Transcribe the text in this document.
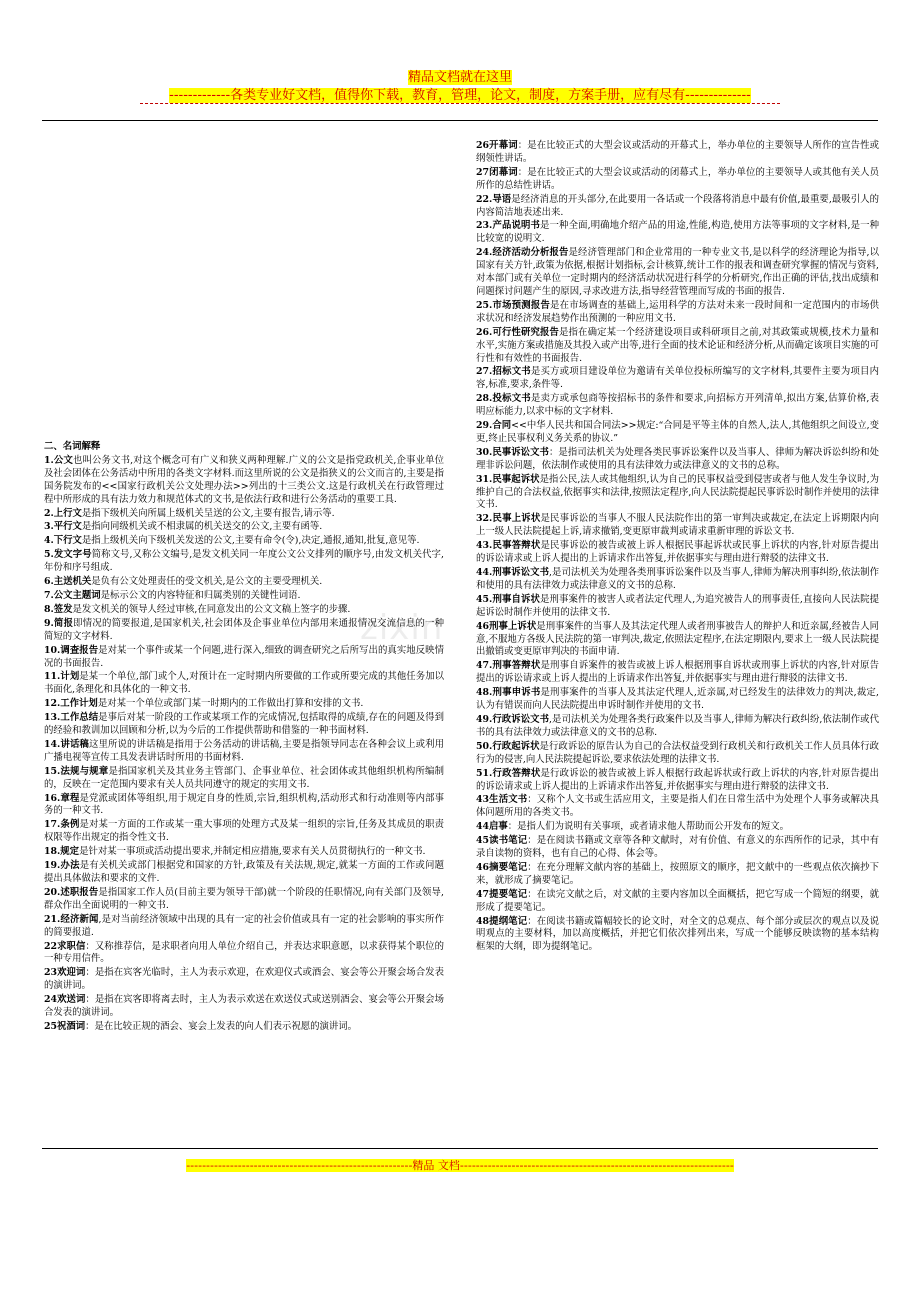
精品文档就在这里
-------------各类专业好文档，值得你下载，教育，管理，论文，制度，方案手册，应有尽有--------------
zixin

二、名词解释

1.公文也叫公务文书,对这个概念可有广义和狭义两种理解.广义的公文是指党政机关,企事业单位及社会团体在公务活动中所用的各类文字材料.而这里所说的公文是指狭义的公文而言的,主要是指国务院发布的<<国家行政机关公文处理办法>>列出的十三类公文.这是行政机关在行政管理过程中所形成的具有法力效力和规范体式的文书,是依法行政和进行公务活动的重要工具.

2.上行文是指下级机关向所属上级机关呈送的公文,主要有报告,请示等.

3.平行文是指向同级机关或不相隶属的机关送交的公文,主要有函等.

4.下行文是指上级机关向下级机关发送的公文,主要有命令(令),决定,通报,通知,批复,意见等.

5.发文字号简称文号,又称公文编号,是发文机关同一年度公文公文排列的顺序号,由发文机关代字,年份和序号组成.

6.主送机关是负有公文处理责任的受文机关,是公文的主要受理机关.

7.公文主题词是标示公文的内容特征和归属类别的关键性词语.

8.签发是发文机关的领导人经过审核,在同意发出的公文文稿上签字的步骤.

9.简报即情况的简要报道,是国家机关,社会团体及企事业单位内部用来通报情况交流信息的一种简短的文字材料.

10.调查报告是对某一个事件或某一个问题,进行深入,细致的调查研究之后所写出的真实地反映情况的书面报告.

11.计划是某一个单位,部门或个人,对预计在一定时期内所要做的工作或所要完成的其他任务加以书面化,条理化和具体化的一种文书.

12.工作计划是对某一个单位或部门某一时期内的工作做出打算和安排的文书.

13.工作总结是事后对某一阶段的工作或某项工作的完成情况,包括取得的成绩,存在的问题及得到的经验和教训加以回顾和分析,以为今后的工作提供帮助和借鉴的一种书面材料.

14.讲话稿这里所说的讲话稿是指用于公务活动的讲话稿,主要是指领导同志在各种会议上或利用广播电视等宣传工具发表讲话时所用的书面材料.

15.法规与规章是指国家机关及其业务主管部门、企事业单位、社会团体或其他组织机构所编制的，反映在一定范围内要求有关人员共同遵守的规定的实用文书.

16.章程是党派或团体等组织,用于规定自身的性质,宗旨,组织机构,活动形式和行动准则等内部事务的一种文书.

17.条例是对某一方面的工作或某一重大事项的处理方式及某一组织的宗旨,任务及其成员的职责权限等作出规定的指令性文书.

18.规定是针对某一事项或活动提出要求,并制定相应措施,要求有关人员贯彻执行的一种文书.

19.办法是有关机关或部门根据党和国家的方针,政策及有关法规,规定,就某一方面的工作或问题提出具体做法和要求的文件.

20.述职报告是指国家工作人员(目前主要为领导干部)就一个阶段的任职情况,向有关部门及领导,群众作出全面说明的一种文书.

21.经济新闻,是对当前经济领域中出现的具有一定的社会价值或具有一定的社会影响的事实所作的简要报道.

22求职信：又称推荐信，是求职者向用人单位介绍自己，并表达求职意愿，以求获得某个职位的一种专用信件。

23欢迎词：是指在宾客光临时，主人为表示欢迎，在欢迎仪式或酒会、宴会等公开聚会场合发表的演讲词。

24欢送词：是指在宾客即将离去时，主人为表示欢送在欢送仪式或送别酒会、宴会等公开聚会场合发表的演讲词。

25祝酒词：是在比较正规的酒会、宴会上发表的向人们表示祝愿的演讲词。

26开幕词：是在比较正式的大型会议或活动的开幕式上，举办单位的主要领导人所作的宣告性或纲领性讲话。

27闭幕词：是在比较正式的大型会议或活动的闭幕式上，举办单位的主要领导人或其他有关人员所作的总结性讲话。

22.导语是经济消息的开头部分,在此要用一各话或一个段落将消息中最有价值,最重要,最吸引人的内容简洁地表述出来.

23.产品说明书是一种全面,明确地介绍产品的用途,性能,构造,使用方法等事项的文字材料,是一种比较宽的说明文.

24.经济活动分析报告是经济管理部门和企业常用的一种专业文书,是以科学的经济理论为指导,以国家有关方针,政策为依据,根据计划指标,会计核算,统计工作的报表和调查研究掌握的情况与资料,对本部门或有关单位一定时期内的经济活动状况进行科学的分析研究,作出正确的评估,找出成绩和问题探讨问题产生的原因,寻求改进方法,指导经营管理而写成的书面的报告.

25.市场预测报告是在市场调查的基础上,运用科学的方法对未来一段时间和一定范围内的市场供求状况和经济发展趋势作出预测的一种应用文书.

26.可行性研究报告是指在确定某一个经济建设项目或科研项目之前,对其政策或规模,技术力量和水平,实施方案或措施及其投入或产出等,进行全面的技术论证和经济分析,从而确定该项目实施的可行性和有效性的书面报告.

27.招标文书是买方或项目建设单位为邀请有关单位投标所编写的文字材料,其要件主要为项目内容,标准,要求,条件等.

28.投标文书是卖方或承包商等按招标书的条件和要求,向招标方开列清单,拟出方案,估算价格,表明应标能力,以求中标的文字材料.

29.合同<<中华人民共和国合同法>>规定:“合同是平等主体的自然人,法人,其他组织之间设立,变更,终止民事权利义务关系的协议.”

30.民事诉讼文书：是指司法机关为处理各类民事诉讼案件以及当事人、律师为解决诉讼纠纷和处理非诉讼问题，依法制作或使用的具有法律效力或法律意义的文书的总称。

31.民事起诉状是指公民,法人或其他组织,认为自己的民事权益受到侵害或者与他人发生争议时,为维护自己的合法权益,依据事实和法律,按照法定程序,向人民法院提起民事诉讼时制作并使用的法律文书.

32.民事上诉状是民事诉讼的当事人不服人民法院作出的第一审判决或裁定,在法定上诉期限内向上一级人民法院提起上诉,请求撤销,变更原审裁判或请求重新审理的诉讼文书.

43.民事答辩状是民事诉讼的被告或被上诉人根据民事起诉状或民事上诉状的内容,针对原告提出的诉讼请求或上诉人提出的上诉请求作出答复,并依据事实与理由进行辩驳的法律文书.

44.刑事诉讼文书,是司法机关为处理各类刑事诉讼案件以及当事人,律师为解决刑事纠纷,依法制作和使用的具有法律效力或法律意义的文书的总称.

45.刑事自诉状是刑事案件的被害人或者法定代理人,为追究被告人的刑事责任,直接向人民法院提起诉讼时制作并使用的法律文书.

46刑事上诉状是刑事案件的当事人及其法定代理人或者刑事被告人的辩护人和近亲属,经被告人同意,不服地方各级人民法院的第一审判决,裁定,依照法定程序,在法定期限内,要求上一级人民法院提出撤销或变更原审判决的书面申请.

47.刑事答辩状是刑事自诉案件的被告或被上诉人根据刑事自诉状或刑事上诉状的内容,针对原告提出的诉讼请求或上诉人提出的上诉请求作出答复,并依据事实与理由进行辩驳的法律文书.

48.刑事申诉书是刑事案件的当事人及其法定代理人,近亲属,对已经发生的法律效力的判决,裁定,认为有错误而向人民法院提出申诉时制作并使用的文书.

49.行政诉讼文书,是司法机关为处理各类行政案件以及当事人,律师为解决行政纠纷,依法制作或代书的具有法律效力或法律意义的文书的总称.

50.行政起诉状是行政诉讼的原告认为自己的合法权益受到行政机关和行政机关工作人员具体行政行为的侵害,向人民法院提起诉讼,要求依法处理的法律文书.

51.行政答辩状是行政诉讼的被告或被上诉人根据行政起诉状或行政上诉状的内容,针对原告提出的诉讼请求或上诉人提出的上诉请求作出答复,并依据事实与理由进行辩驳的法律文书.

43生活文书：又称个人文书或生活应用文，主要是指人们在日常生活中为处理个人事务或解决具体问题所用的各类文书。

44启事：是指人们为说明有关事项，或者请求他人帮助而公开发布的短文。

45读书笔记：是在阅读书籍或文章等各种文献时，对有价值、有意义的东西所作的记录，其中有录自读物的资料，也有自己的心得、体会等。

46摘要笔记：在充分理解文献内容的基础上，按照原文的顺序，把文献中的一些观点依次摘抄下来，就形成了摘要笔记。

47提要笔记：在读完文献之后，对文献的主要内容加以全面概括，把它写成一个简短的纲要，就形成了提要笔记。

48提纲笔记：在阅读书籍或篇幅较长的论文时，对全文的总观点、每个部分或层次的观点以及说明观点的主要材料，加以高度概括，并把它们依次排列出来，写成一个能够反映读物的基本结构框架的大纲，即为提纲笔记。

---------------------------------------------------------精品 文档---------------------------------------------------------------------
